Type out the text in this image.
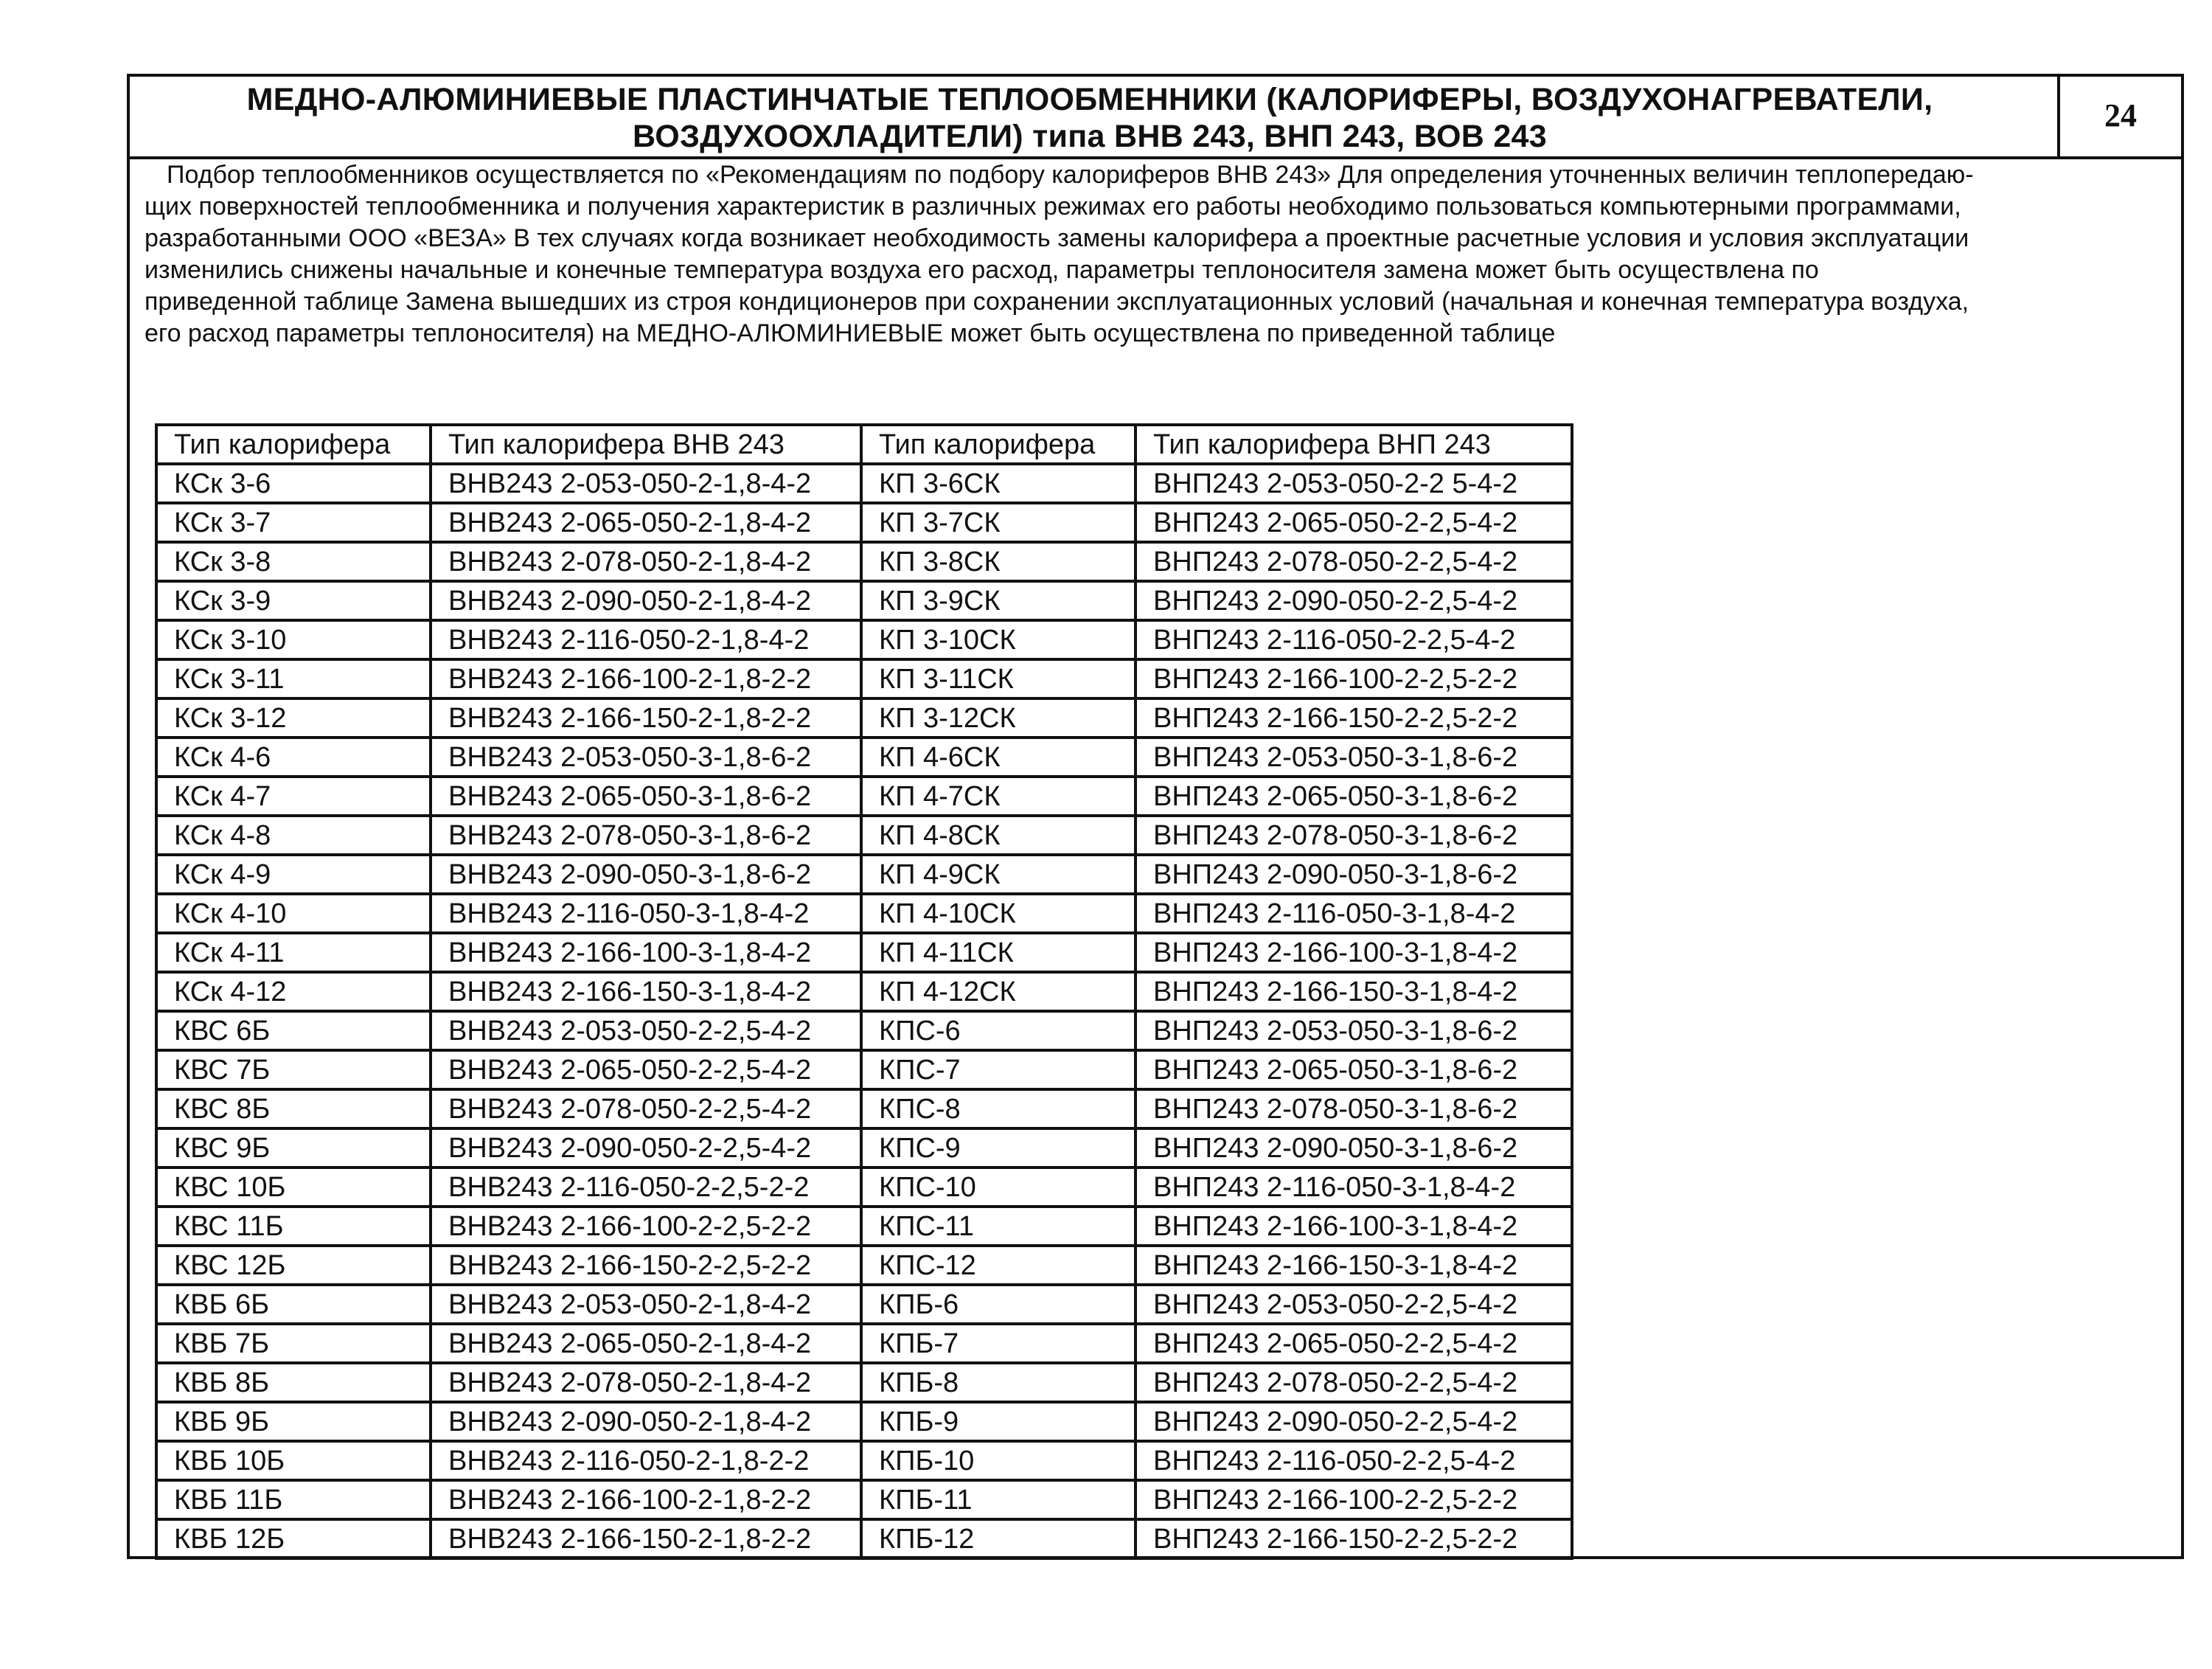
МЕДНО-АЛЮМИНИЕВЫЕ ПЛАСТИНЧАТЫЕ ТЕПЛООБМЕННИКИ (КАЛОРИФЕРЫ, ВОЗДУХОНАГРЕВАТЕЛИ,
ВОЗДУХООХЛАДИТЕЛИ) типа ВНВ 243, ВНП 243, ВОВ 243
24
Подбор теплообменников осуществляется по «Рекомендациям по подбору калориферов ВНВ 243» Для определения уточненных величин теплопередаю-
щих поверхностей теплообменника и получения характеристик в различных режимах его работы необходимо пользоваться компьютерными программами,
разработанными ООО «ВЕЗА» В тех случаях когда возникает необходимость замены калорифера а проектные расчетные условия и условия эксплуатации
изменились снижены начальные и конечные температура воздуха его расход, параметры теплоносителя замена может быть осуществлена по
приведенной таблице Замена вышедших из строя кондиционеров при сохранении эксплуатационных условий (начальная и конечная температура воздуха,
его расход параметры теплоносителя) на МЕДНО-АЛЮМИНИЕВЫЕ может быть осуществлена по приведенной таблице
Тип калорифера	Тип калорифера ВНВ 243	Тип калорифера	Тип калорифера ВНП 243
КСк 3-6	ВНВ243 2-053-050-2-1,8-4-2	КП 3-6СК	ВНП243 2-053-050-2-2 5-4-2
КСк 3-7	ВНВ243 2-065-050-2-1,8-4-2	КП 3-7СК	ВНП243 2-065-050-2-2,5-4-2
КСк 3-8	ВНВ243 2-078-050-2-1,8-4-2	КП 3-8СК	ВНП243 2-078-050-2-2,5-4-2
КСк 3-9	ВНВ243 2-090-050-2-1,8-4-2	КП 3-9СК	ВНП243 2-090-050-2-2,5-4-2
КСк 3-10	ВНВ243 2-116-050-2-1,8-4-2	КП 3-10СК	ВНП243 2-116-050-2-2,5-4-2
КСк 3-11	ВНВ243 2-166-100-2-1,8-2-2	КП 3-11СК	ВНП243 2-166-100-2-2,5-2-2
КСк 3-12	ВНВ243 2-166-150-2-1,8-2-2	КП 3-12СК	ВНП243 2-166-150-2-2,5-2-2
КСк 4-6	ВНВ243 2-053-050-3-1,8-6-2	КП 4-6СК	ВНП243 2-053-050-3-1,8-6-2
КСк 4-7	ВНВ243 2-065-050-3-1,8-6-2	КП 4-7СК	ВНП243 2-065-050-3-1,8-6-2
КСк 4-8	ВНВ243 2-078-050-3-1,8-6-2	КП 4-8СК	ВНП243 2-078-050-3-1,8-6-2
КСк 4-9	ВНВ243 2-090-050-3-1,8-6-2	КП 4-9СК	ВНП243 2-090-050-3-1,8-6-2
КСк 4-10	ВНВ243 2-116-050-3-1,8-4-2	КП 4-10СК	ВНП243 2-116-050-3-1,8-4-2
КСк 4-11	ВНВ243 2-166-100-3-1,8-4-2	КП 4-11СК	ВНП243 2-166-100-3-1,8-4-2
КСк 4-12	ВНВ243 2-166-150-3-1,8-4-2	КП 4-12СК	ВНП243 2-166-150-3-1,8-4-2
КВС 6Б	ВНВ243 2-053-050-2-2,5-4-2	КПС-6	ВНП243 2-053-050-3-1,8-6-2
КВС 7Б	ВНВ243 2-065-050-2-2,5-4-2	КПС-7	ВНП243 2-065-050-3-1,8-6-2
КВС 8Б	ВНВ243 2-078-050-2-2,5-4-2	КПС-8	ВНП243 2-078-050-3-1,8-6-2
КВС 9Б	ВНВ243 2-090-050-2-2,5-4-2	КПС-9	ВНП243 2-090-050-3-1,8-6-2
КВС 10Б	ВНВ243 2-116-050-2-2,5-2-2	КПС-10	ВНП243 2-116-050-3-1,8-4-2
КВС 11Б	ВНВ243 2-166-100-2-2,5-2-2	КПС-11	ВНП243 2-166-100-3-1,8-4-2
КВС 12Б	ВНВ243 2-166-150-2-2,5-2-2	КПС-12	ВНП243 2-166-150-3-1,8-4-2
КВБ 6Б	ВНВ243 2-053-050-2-1,8-4-2	КПБ-6	ВНП243 2-053-050-2-2,5-4-2
КВБ 7Б	ВНВ243 2-065-050-2-1,8-4-2	КПБ-7	ВНП243 2-065-050-2-2,5-4-2
КВБ 8Б	ВНВ243 2-078-050-2-1,8-4-2	КПБ-8	ВНП243 2-078-050-2-2,5-4-2
КВБ 9Б	ВНВ243 2-090-050-2-1,8-4-2	КПБ-9	ВНП243 2-090-050-2-2,5-4-2
КВБ 10Б	ВНВ243 2-116-050-2-1,8-2-2	КПБ-10	ВНП243 2-116-050-2-2,5-4-2
КВБ 11Б	ВНВ243 2-166-100-2-1,8-2-2	КПБ-11	ВНП243 2-166-100-2-2,5-2-2
КВБ 12Б	ВНВ243 2-166-150-2-1,8-2-2	КПБ-12	ВНП243 2-166-150-2-2,5-2-2
